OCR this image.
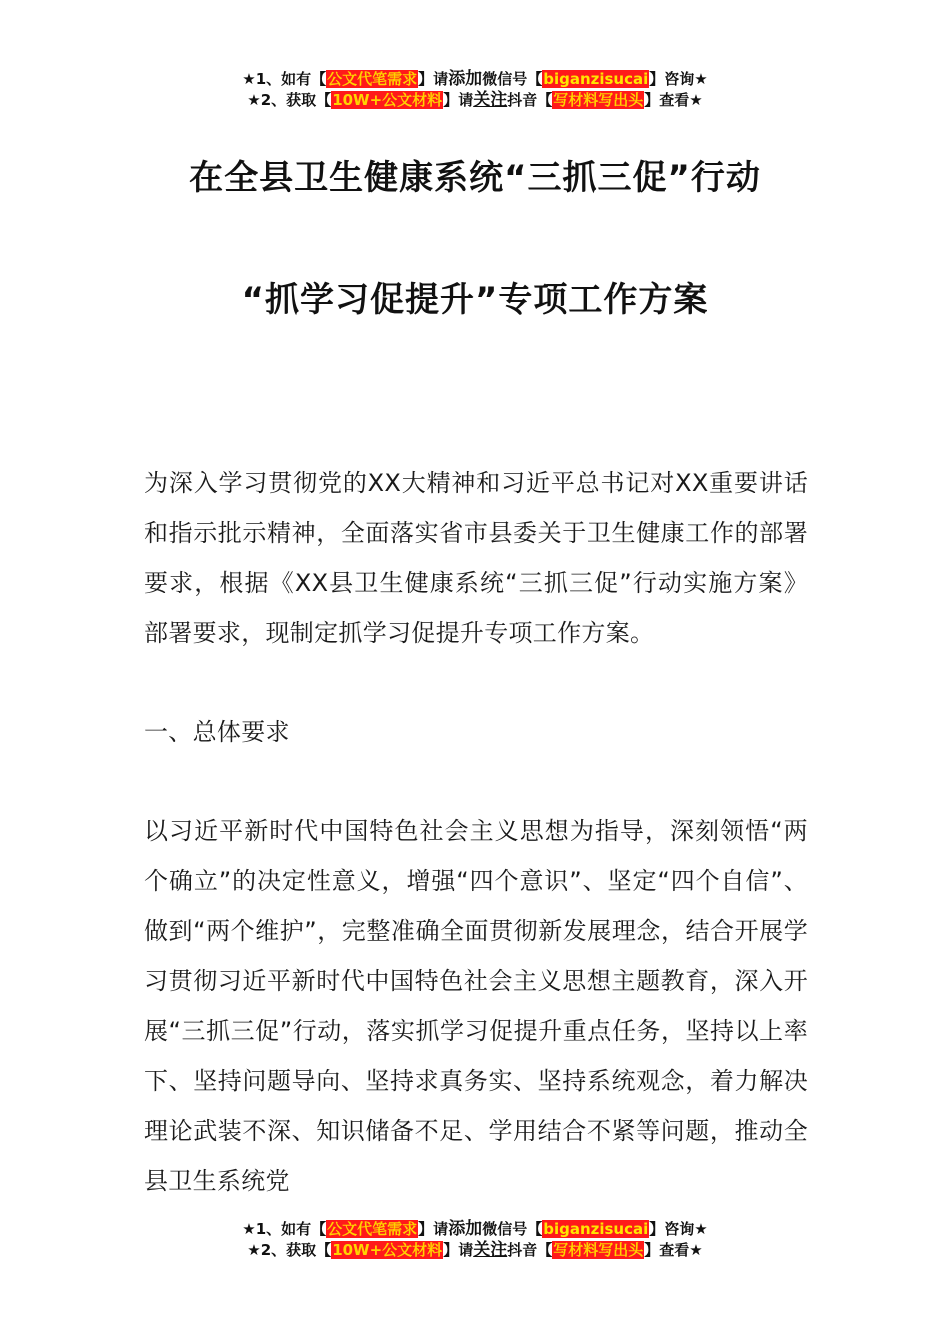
★1、如有【公文代笔需求】请添加微信号【biganzisucai】咨询★
★2、获取【10W+公文材料】请关注抖音【写材料写出头】查看★
在全县卫生健康系统“三抓三促”行动
“抓学习促提升”专项工作方案
为深入学习贯彻党的XX大精神和习近平总书记对XX重要讲话和指示批示精神，全面落实省市县委关于卫生健康工作的部署要求，根据《XX县卫生健康系统“三抓三促”行动实施方案》部署要求，现制定抓学习促提升专项工作方案。
一、总体要求
以习近平新时代中国特色社会主义思想为指导，深刻领悟“两个确立”的决定性意义，增强“四个意识”、坚定“四个自信”、做到“两个维护”，完整准确全面贯彻新发展理念，结合开展学习贯彻习近平新时代中国特色社会主义思想主题教育，深入开展“三抓三促”行动，落实抓学习促提升重点任务，坚持以上率下、坚持问题导向、坚持求真务实、坚持系统观念，着力解决理论武装不深、知识储备不足、学用结合不紧等问题，推动全县卫生系统党
★1、如有【公文代笔需求】请添加微信号【biganzisucai】咨询★
★2、获取【10W+公文材料】请关注抖音【写材料写出头】查看★
